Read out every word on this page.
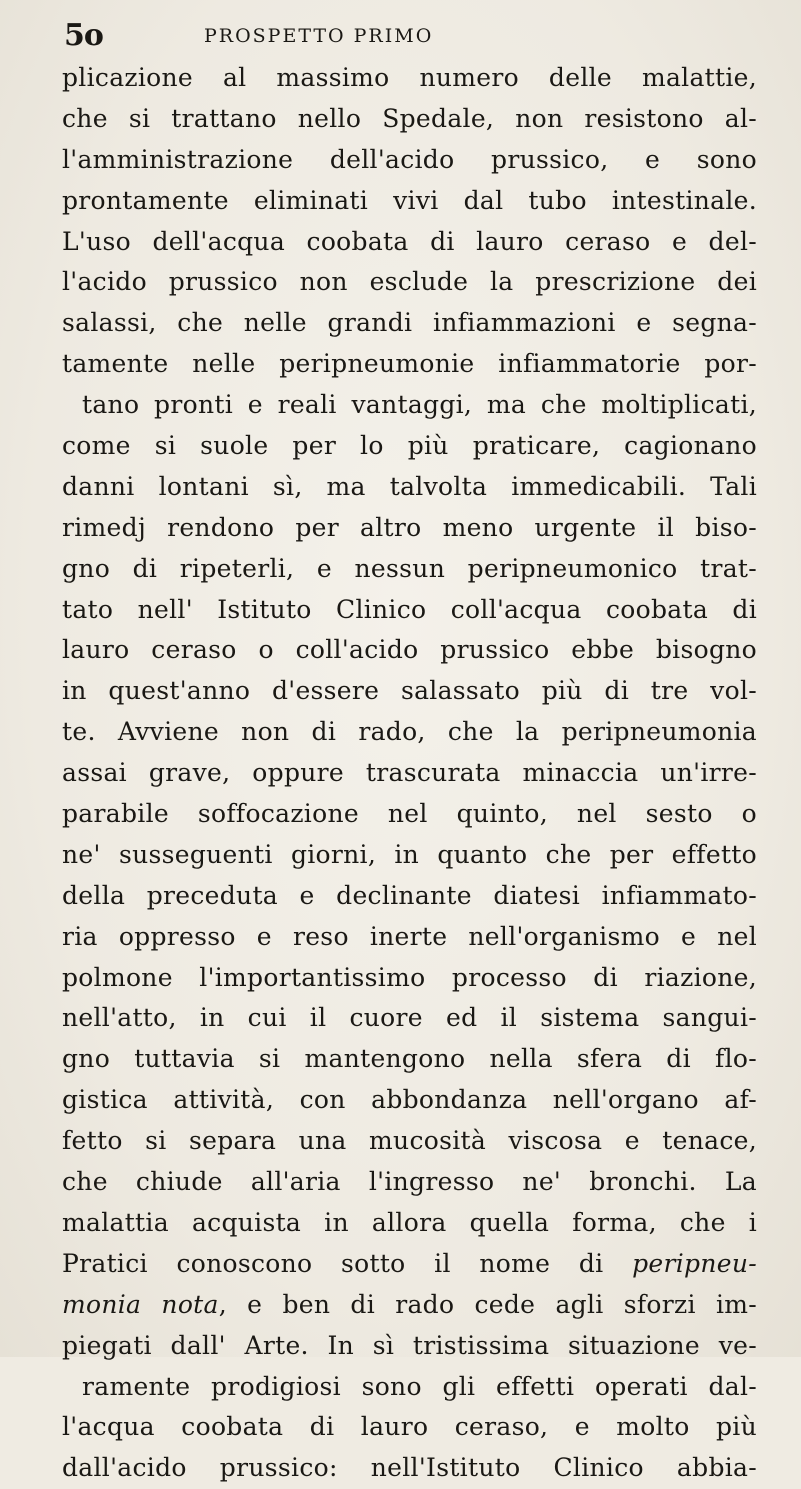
5o	PROSPETTO PRIMO
plicazione al massimo numero delle malattie,
che si trattano nello Spedale, non resistono al-
l'amministrazione dell'acido prussico, e sono
prontamente eliminati vivi dal tubo intestinale.
L'uso dell'acqua coobata di lauro ceraso e del-
l'acido prussico non esclude la prescrizione dei
salassi, che nelle grandi infiammazioni e segna-
tamente nelle peripneumonie infiammatorie por-
tano pronti e reali vantaggi, ma che moltiplicati,
come si suole per lo più praticare, cagionano
danni lontani sì, ma talvolta immedicabili. Tali
rimedj rendono per altro meno urgente il biso-
gno di ripeterli, e nessun peripneumonico trat-
tato nell' Istituto Clinico coll'acqua coobata di
lauro ceraso o coll'acido prussico ebbe bisogno
in quest'anno d'essere salassato più di tre vol-
te. Avviene non di rado, che la peripneumonia
assai grave, oppure trascurata minaccia un'irre-
parabile soffocazione nel quinto, nel sesto o
ne' susseguenti giorni, in quanto che per effetto
della preceduta e declinante diatesi infiammato-
ria oppresso e reso inerte nell'organismo e nel
polmone l'importantissimo processo di riazione,
nell'atto, in cui il cuore ed il sistema sangui-
gno tuttavia si mantengono nella sfera di flo-
gistica attività, con abbondanza nell'organo af-
fetto si separa una mucosità viscosa e tenace,
che chiude all'aria l'ingresso ne' bronchi. La
malattia acquista in allora quella forma, che i
Pratici conoscono sotto il nome di peripneu-
monia nota, e ben di rado cede agli sforzi im-
piegati dall' Arte. In sì tristissima situazione ve-
ramente prodigiosi sono gli effetti operati dal-
l'acqua coobata di lauro ceraso, e molto più
dall'acido prussico: nell'Istituto Clinico abbia-
